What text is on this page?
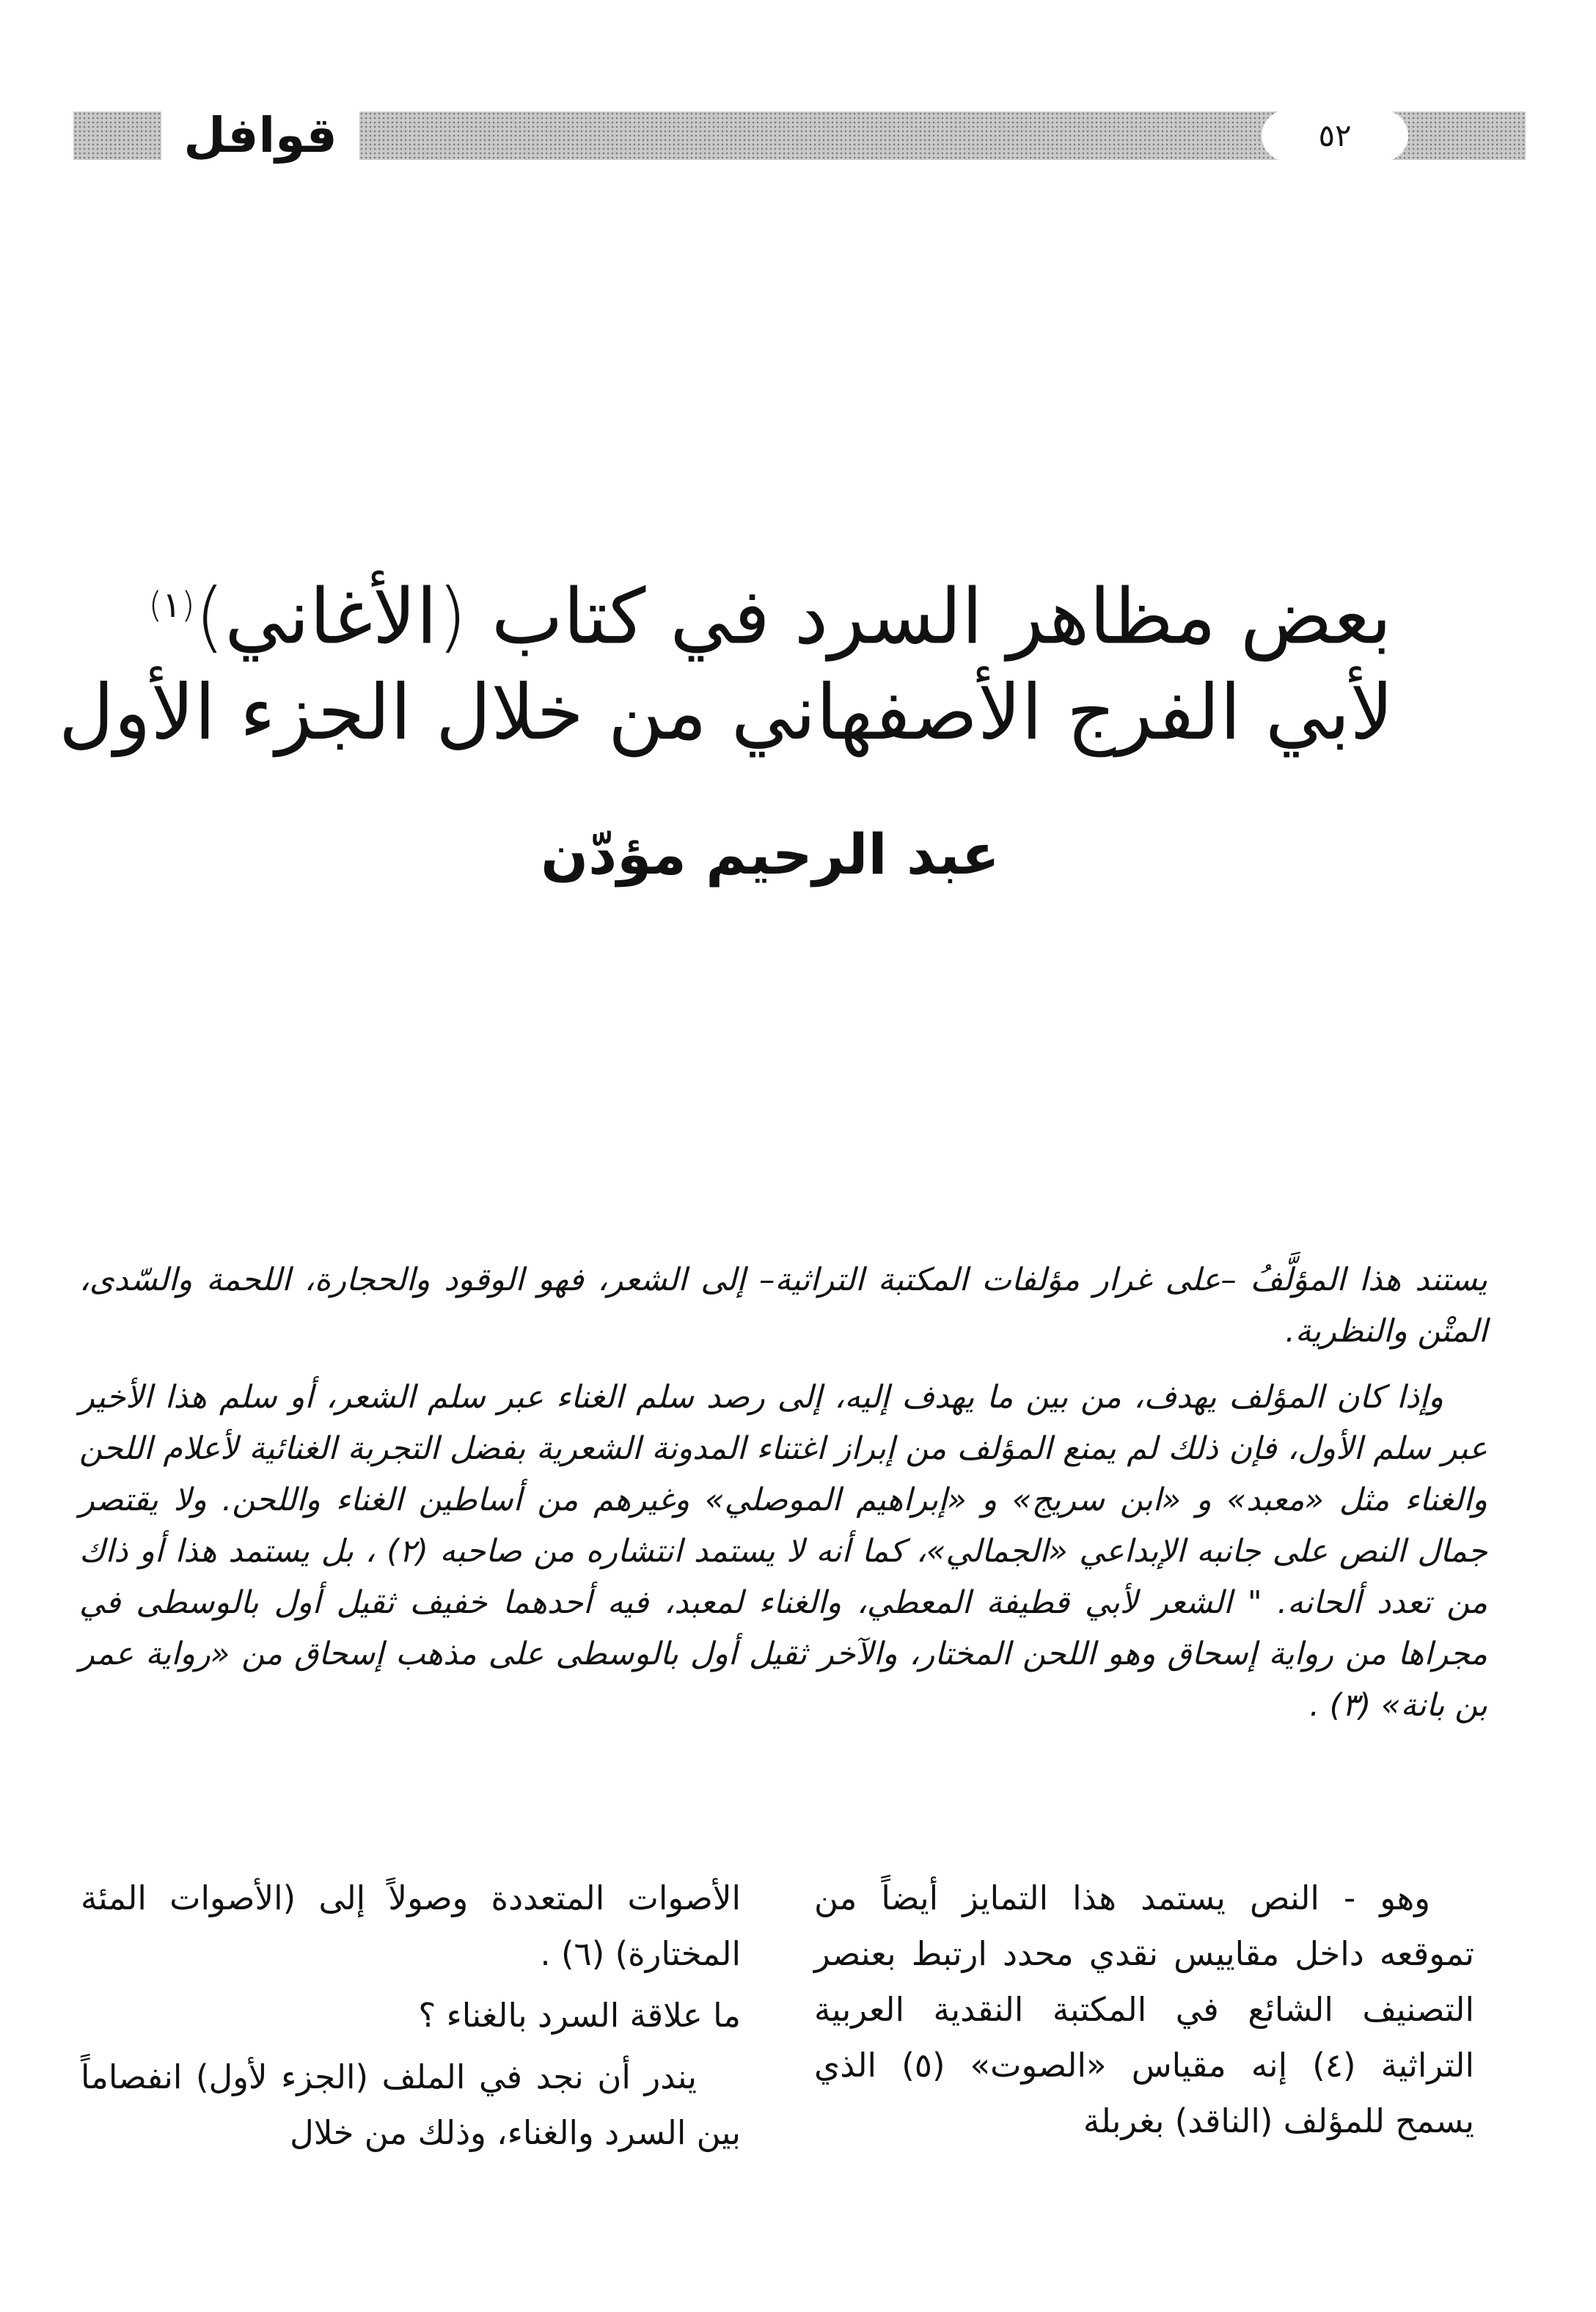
قوافل	٥٢
بعض مظاهر السرد في كتاب (الأغاني)$^{(١)}$
لأبي الفرج الأصفهاني من خلال الجزء الأول
عبد الرحيم مؤدّن

يستند هذا المؤلَّفُ –على غرار مؤلفات المكتبة التراثية– إلى الشعر، فهو الوقود والحجارة، اللحمة والسّدى، المتْن والنظرية.

وإذا كان المؤلف يهدف، من بين ما يهدف إليه، إلى رصد سلم الغناء عبر سلم الشعر، أو سلم هذا الأخير عبر سلم الأول، فإن ذلك لم يمنع المؤلف من إبراز اغتناء المدونة الشعرية بفضل التجربة الغنائية لأعلام اللحن والغناء مثل «معبد» و «ابن سريج» و «إبراهيم الموصلي» وغيرهم من أساطين الغناء واللحن. ولا يقتصر جمال النص على جانبه الإبداعي «الجمالي»، كما أنه لا يستمد انتشاره من صاحبه (٢) ، بل يستمد هذا أو ذاك من تعدد ألحانه. " الشعر لأبي قطيفة المعطي، والغناء لمعبد، فيه أحدهما خفيف ثقيل أول بالوسطى في مجراها من رواية إسحاق وهو اللحن المختار، والآخر ثقيل أول بالوسطى على مذهب إسحاق من «رواية عمر بن بانة» (٣) .

وهو - النص يستمد هذا التمايز أيضاً من تموقعه داخل مقاييس نقدي محدد ارتبط بعنصر التصنيف الشائع في المكتبة النقدية العربية التراثية (٤) إنه مقياس «الصوت» (٥) الذي يسمح للمؤلف (الناقد) بغربلة

الأصوات المتعددة وصولاً إلى (الأصوات المئة المختارة) (٦) .

ما علاقة السرد بالغناء ؟

يندر أن نجد في الملف (الجزء لأول) انفصاماً بين السرد والغناء، وذلك من خلال
